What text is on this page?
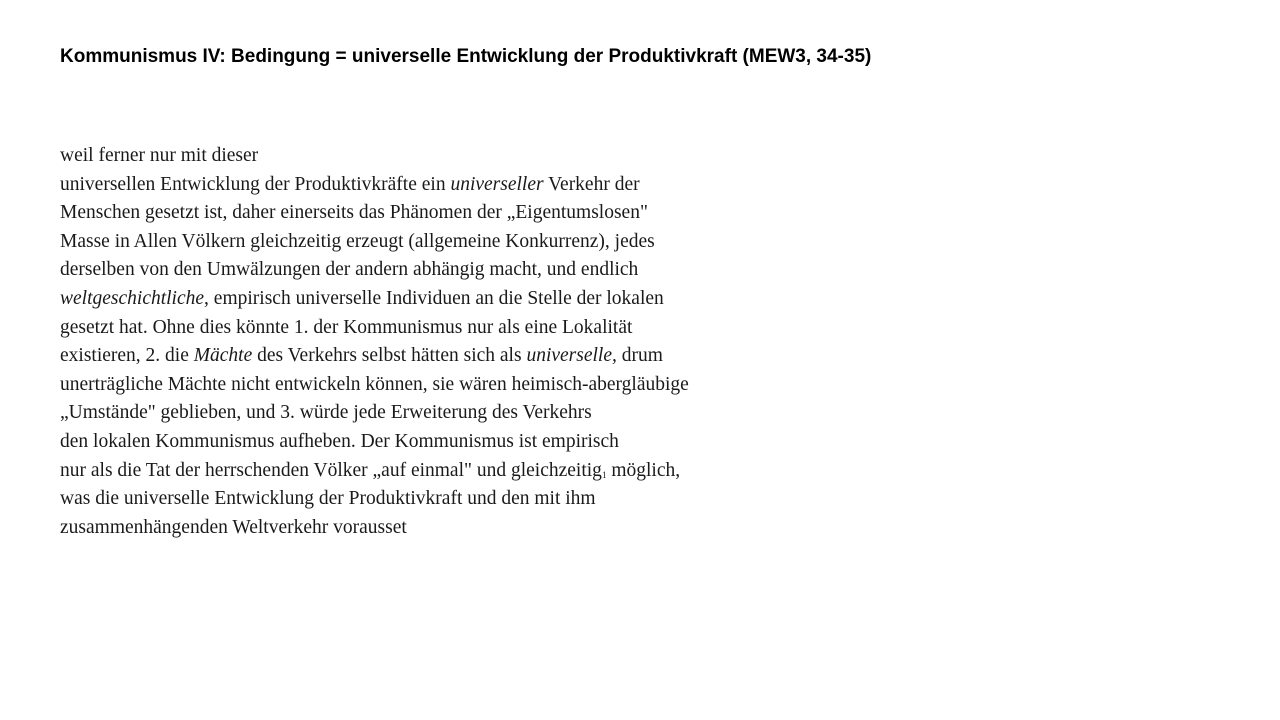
Kommunismus IV: Bedingung = universelle Entwicklung der Produktivkraft (MEW3, 34-35)
weil ferner nur mit dieser
universellen Entwicklung der Produktivkräfte ein universeller Verkehr der
Menschen gesetzt ist, daher einerseits das Phänomen der „Eigentumslosen"
Masse in Allen Völkern gleichzeitig erzeugt (allgemeine Konkurrenz), jedes
derselben von den Umwälzungen der andern abhängig macht, und endlich
weltgeschichtliche, empirisch universelle Individuen an die Stelle der lokalen
gesetzt hat. Ohne dies könnte 1. der Kommunismus nur als eine Lokalität
existieren, 2. die Mächte des Verkehrs selbst hätten sich als universelle, drum
unerträgliche Mächte nicht entwickeln können, sie wären heimisch-abergläubige
„Umstände" geblieben, und 3. würde jede Erweiterung des Verkehrs
den lokalen Kommunismus aufheben. Der Kommunismus ist empirisch
nur als die Tat der herrschenden Völker „auf einmal" und gleichzeitig$_1$ möglich,
was die universelle Entwicklung der Produktivkraft und den mit ihm
zusammenhängenden Weltverkehr vorausset
